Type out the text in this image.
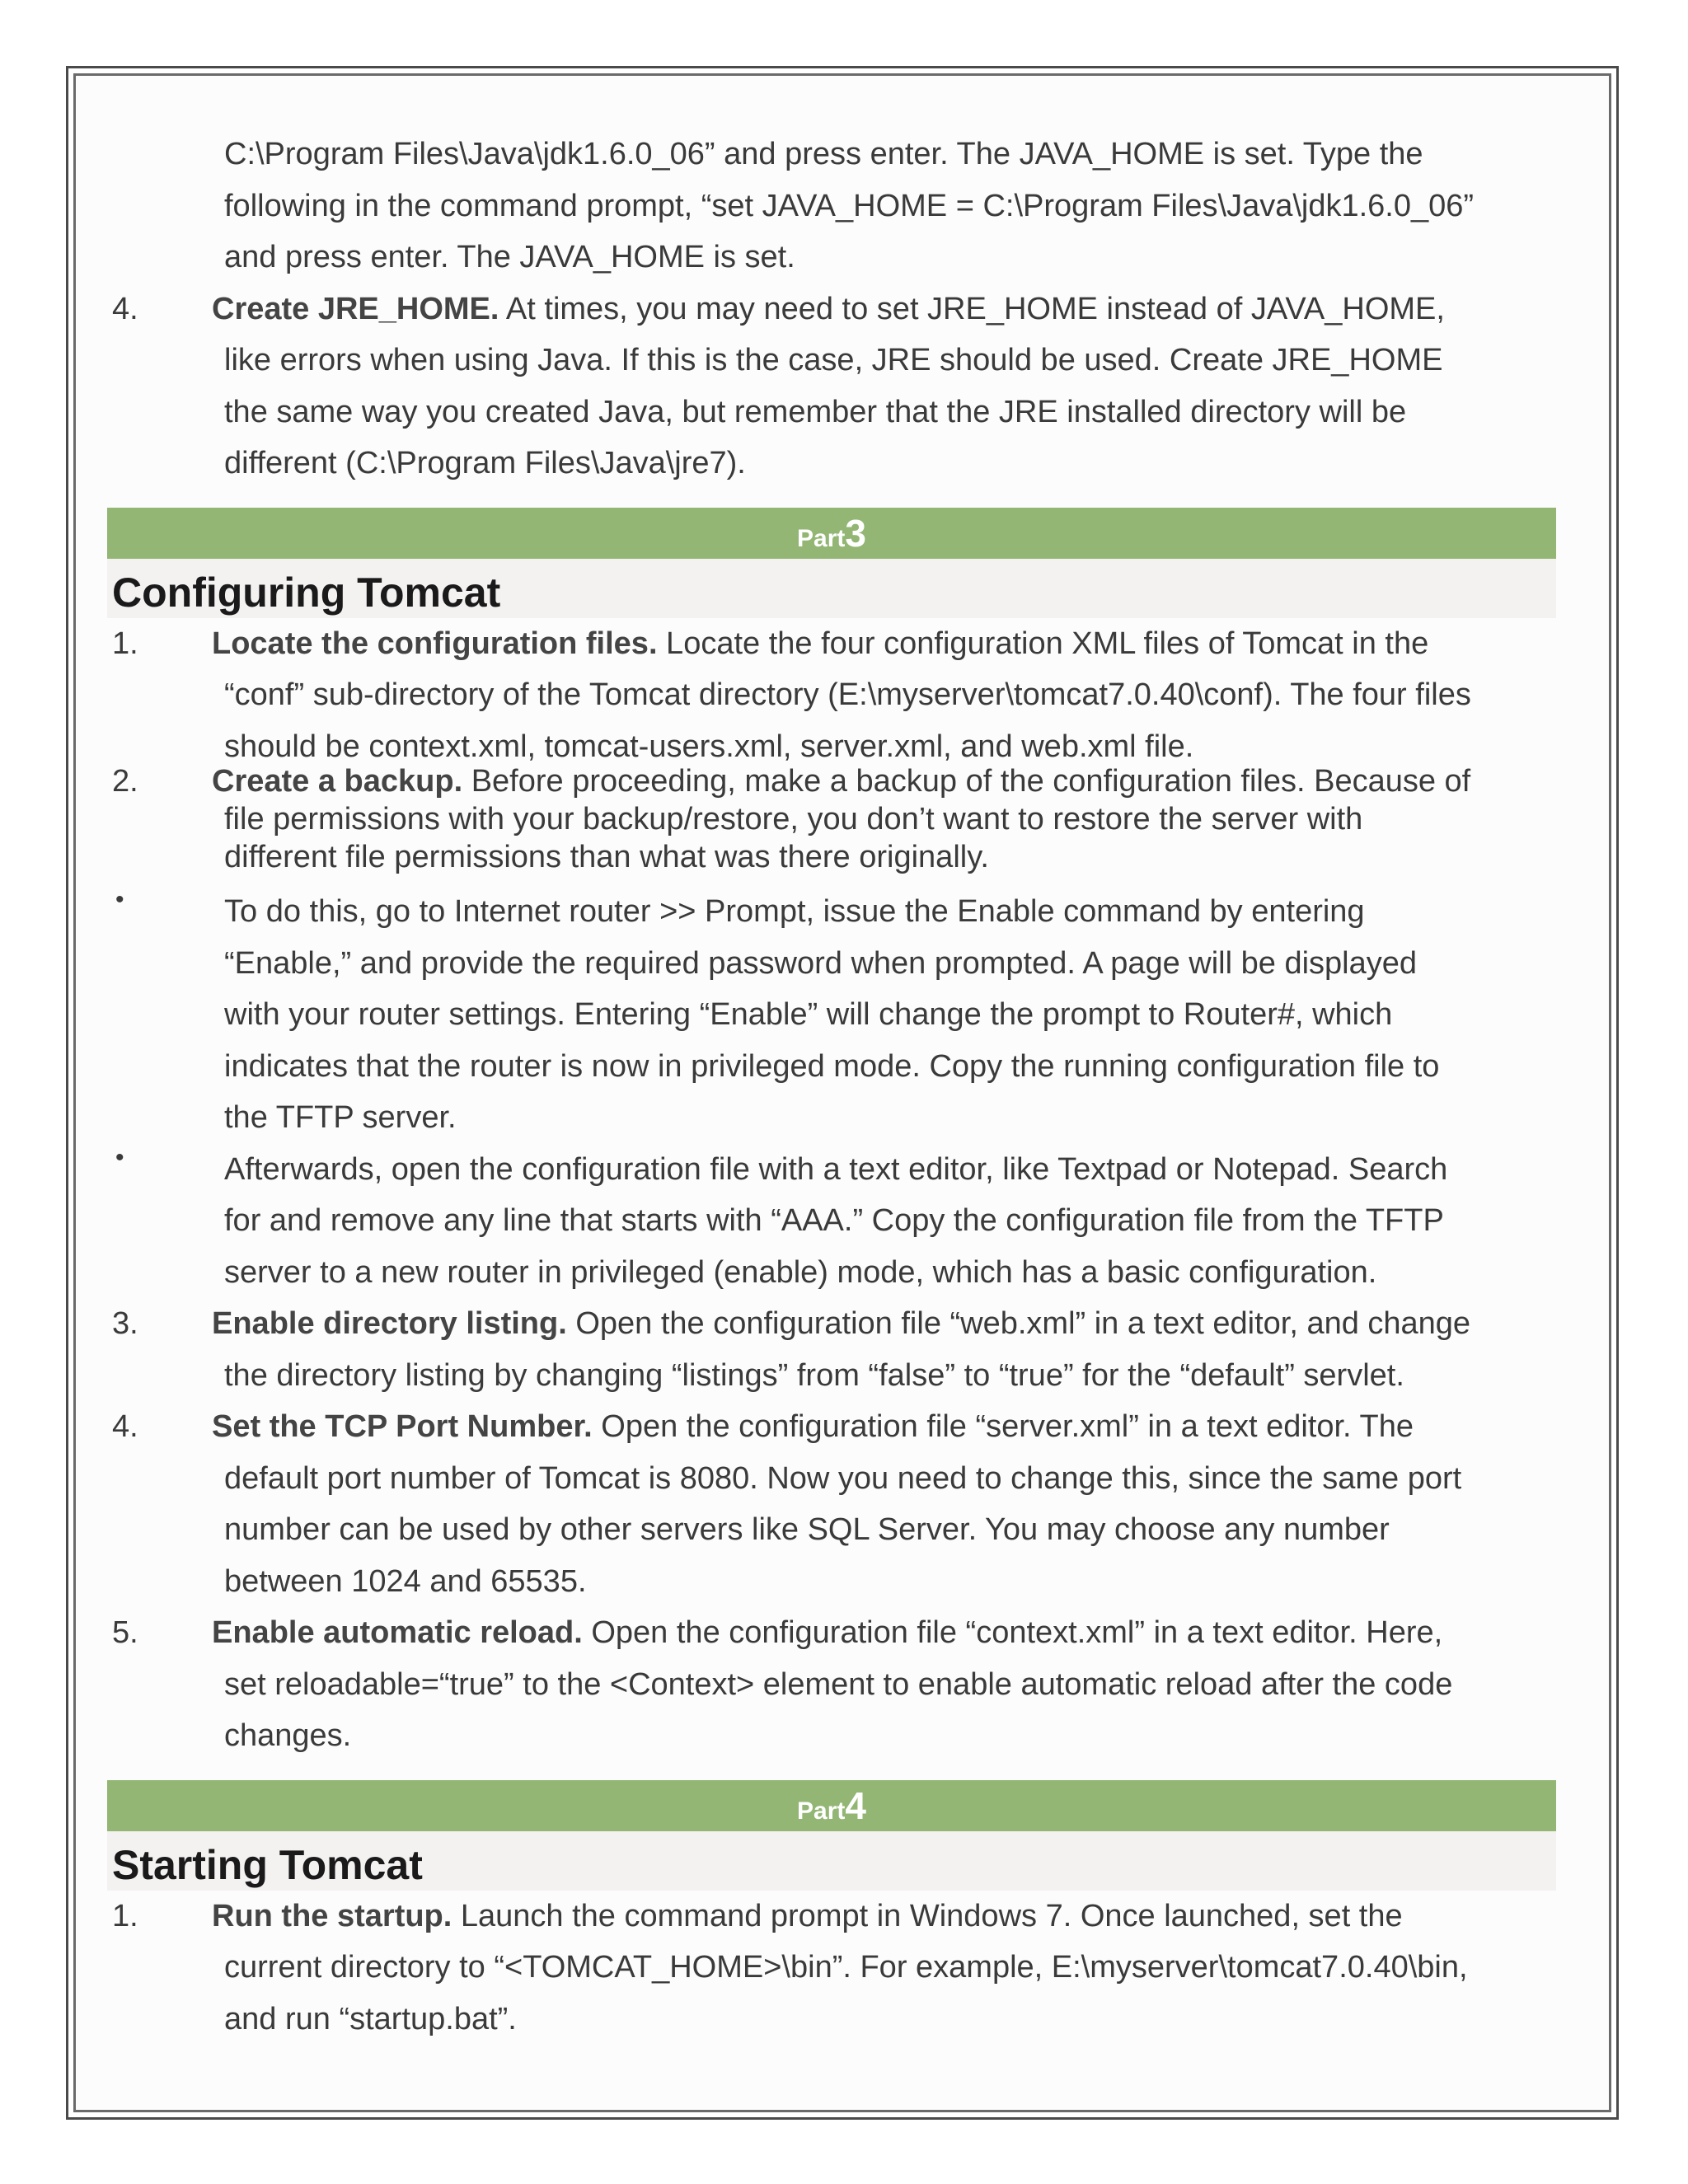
C:\Program Files\Java\jdk1.6.0_06” and press enter. The JAVA_HOME is set. Type the
following in the command prompt, “set JAVA_HOME = C:\Program Files\Java\jdk1.6.0_06”
and press enter. The JAVA_HOME is set.
4. Create JRE_HOME. At times, you may need to set JRE_HOME instead of JAVA_HOME,
like errors when using Java. If this is the case, JRE should be used. Create JRE_HOME
the same way you created Java, but remember that the JRE installed directory will be
different (C:\Program Files\Java\jre7).
Part3
Configuring Tomcat
1. Locate the configuration files. Locate the four configuration XML files of Tomcat in the
“conf” sub-directory of the Tomcat directory (E:\myserver\tomcat7.0.40\conf). The four files
should be context.xml, tomcat-users.xml, server.xml, and web.xml file.
2. Create a backup. Before proceeding, make a backup of the configuration files. Because of
file permissions with your backup/restore, you don’t want to restore the server with
different file permissions than what was there originally.
•	To do this, go to Internet router >> Prompt, issue the Enable command by entering
“Enable,” and provide the required password when prompted. A page will be displayed
with your router settings. Entering “Enable” will change the prompt to Router#, which
indicates that the router is now in privileged mode. Copy the running configuration file to
the TFTP server.
•	Afterwards, open the configuration file with a text editor, like Textpad or Notepad. Search
for and remove any line that starts with “AAA.” Copy the configuration file from the TFTP
server to a new router in privileged (enable) mode, which has a basic configuration.
3. Enable directory listing. Open the configuration file “web.xml” in a text editor, and change
the directory listing by changing “listings” from “false” to “true” for the “default” servlet.
4. Set the TCP Port Number. Open the configuration file “server.xml” in a text editor. The
default port number of Tomcat is 8080. Now you need to change this, since the same port
number can be used by other servers like SQL Server. You may choose any number
between 1024 and 65535.
5. Enable automatic reload. Open the configuration file “context.xml” in a text editor. Here,
set reloadable=“true” to the <Context> element to enable automatic reload after the code
changes.
Part4
Starting Tomcat
1. Run the startup. Launch the command prompt in Windows 7. Once launched, set the
current directory to “<TOMCAT_HOME>\bin”. For example, E:\myserver\tomcat7.0.40\bin,
and run “startup.bat”.
